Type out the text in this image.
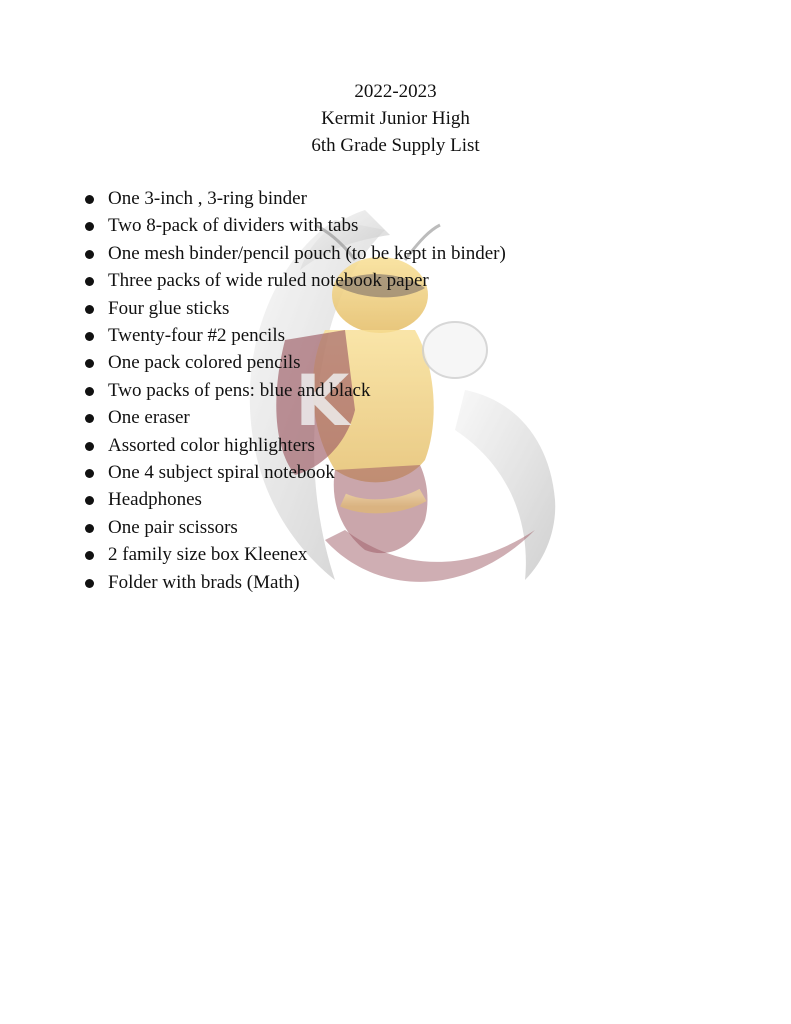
K
2022-2023
Kermit Junior High
6th Grade Supply List
One 3-inch , 3-ring binder
Two 8-pack of dividers with tabs
One mesh binder/pencil pouch (to be kept in binder)
Three packs of wide ruled notebook paper
Four glue sticks
Twenty-four #2 pencils
One pack colored pencils
Two packs of pens: blue and black
One eraser
Assorted color highlighters
One 4 subject spiral notebook
Headphones
One pair scissors
2 family size box Kleenex
Folder with brads (Math)
